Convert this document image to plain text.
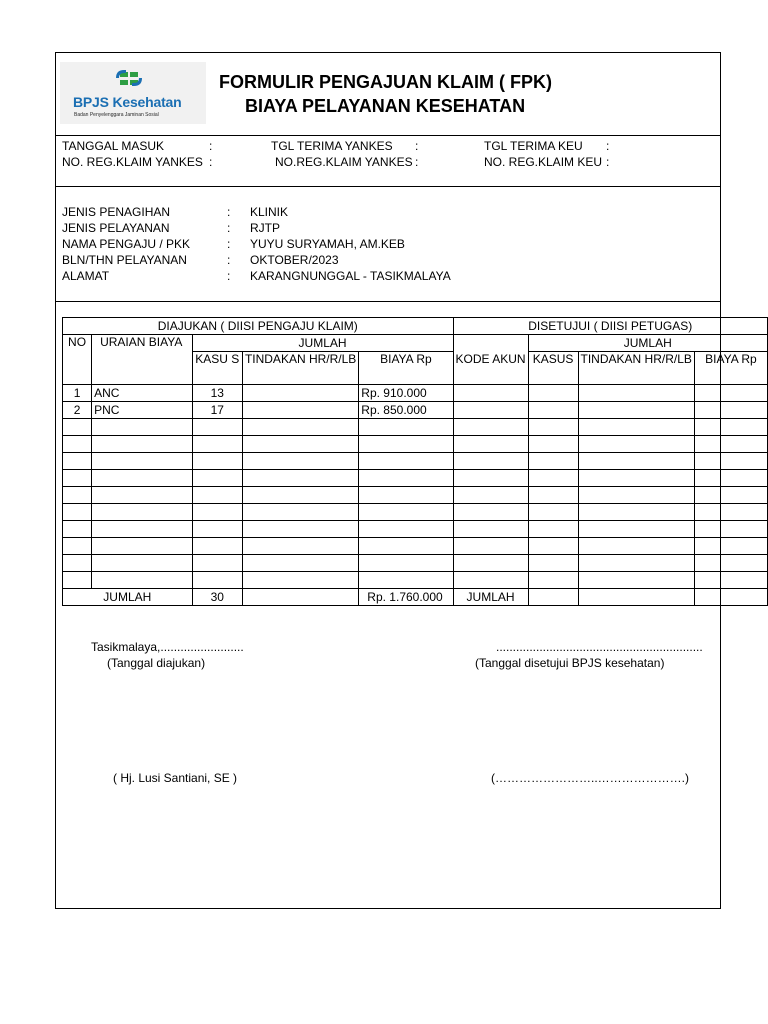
BPJS Kesehatan
Badan Penyelenggara Jaminan Sosial
FORMULIR PENGAJUAN KLAIM ( FPK)
BIAYA PELAYANAN KESEHATAN
TANGGAL MASUK	:
NO. REG.KLAIM YANKES :
TGL TERIMA YANKES :
NO.REG.KLAIM YANKES :
TGL TERIMA KEU :
NO. REG.KLAIM KEU :
JENIS PENAGIHAN	: KLINIK
JENIS PELAYANAN	: RJTP
NAMA PENGAJU / PKK	: YUYU SURYAMAH, AM.KEB
BLN/THN PELAYANAN	: OKTOBER/2023
ALAMAT	: KARANGNUNGGAL - TASIKMALAYA
Tasikmalaya,.........................
(Tanggal diajukan)
..............................................................
(Tanggal disetujui BPJS kesehatan)
( Hj. Lusi Santiani, SE )	(……………………..………………….)
DIAJUKAN ( DIISI PENGAJU KLAIM)					DISETUJUI ( DIISI PETUGAS)			
NO	URAIAN BIAYA	JUMLAH			KODE AKUN	JUMLAH		
		KASU S	TINDAKAN HR/R/LB	BIAYA Rp		KASUS	TINDAKAN HR/R/LB	BIAYA Rp
1	ANC	13		Rp. 910.000				
2	PNC	17		Rp. 850.000				

JUMLAH		30		Rp. 1.760.000	JUMLAH			
